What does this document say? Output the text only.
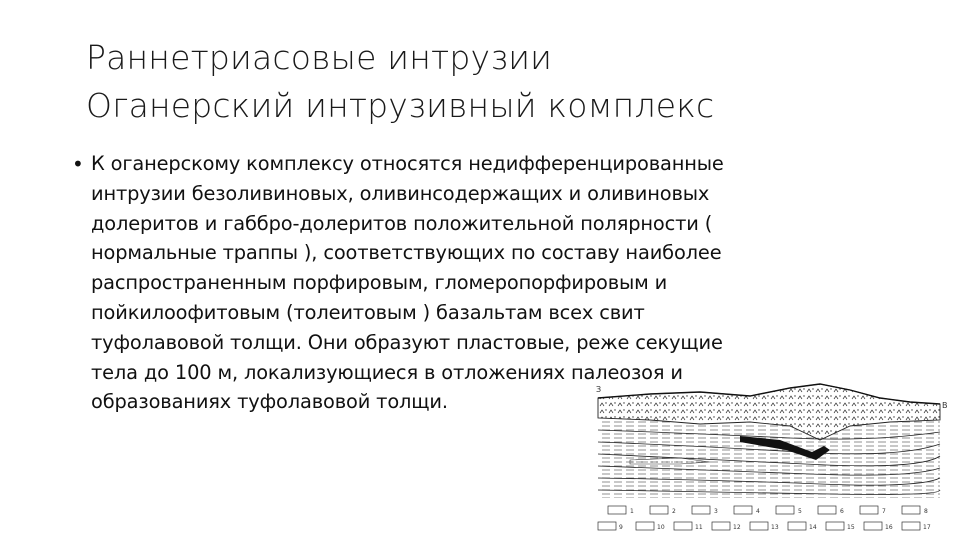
Раннетриасовые интрузии
Оганерский интрузивный комплекс
• К оганерскому комплексу относятся недифференцированные
интрузии безоливиновых, оливинсодержащих и оливиновых
долеритов и габбро-долеритов положительной полярности (
нормальные траппы ), соответствующих по составу наиболее
распространенным порфировым, гломеропорфировым и
пойкилоофитовым (толеитовым ) базальтам всех свит
туфолавовой толщи. Они образуют пластовые, реже секущие
тела до 100 м, локализующиеся в отложениях палеозоя и
образованиях туфолавовой толщи.
З
В
1	2	3	4	5	6	7	8
9	10	11	12	13	14	15	16	17
